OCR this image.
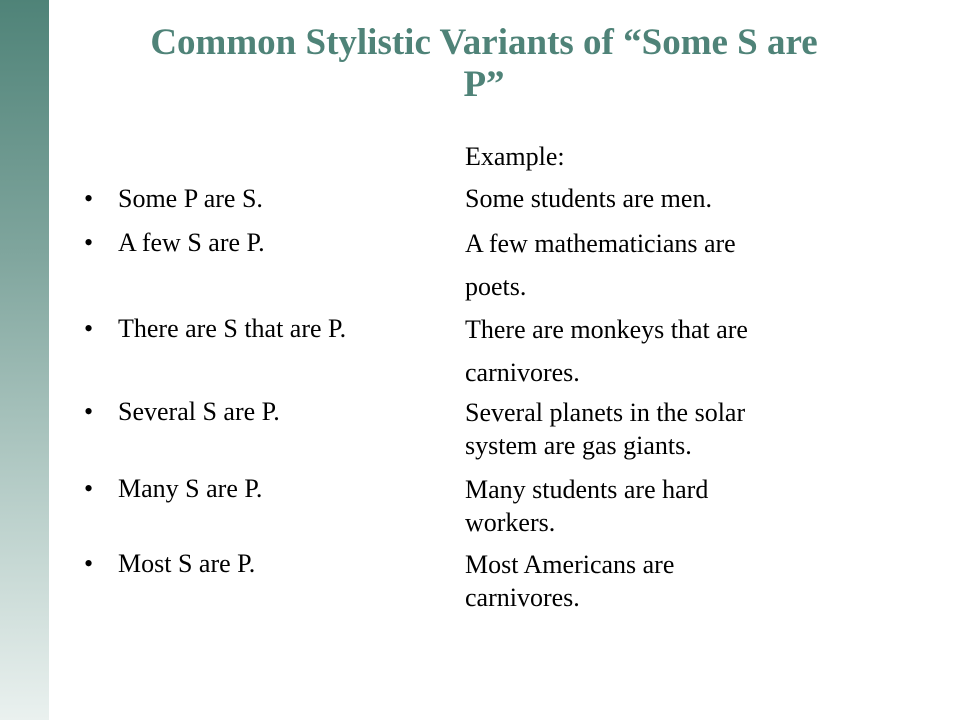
Common Stylistic Variants of “Some S are
P”
Example:
• Some P are S.	Some students are men.
• A few S are P.	A few mathematicians are
poets.
• There are S that are P.	There are monkeys that are
carnivores.
• Several S are P.	Several planets in the solar
system are gas giants.
• Many S are P.	Many students are hard
workers.
• Most S are P.	Most Americans are
carnivores.
